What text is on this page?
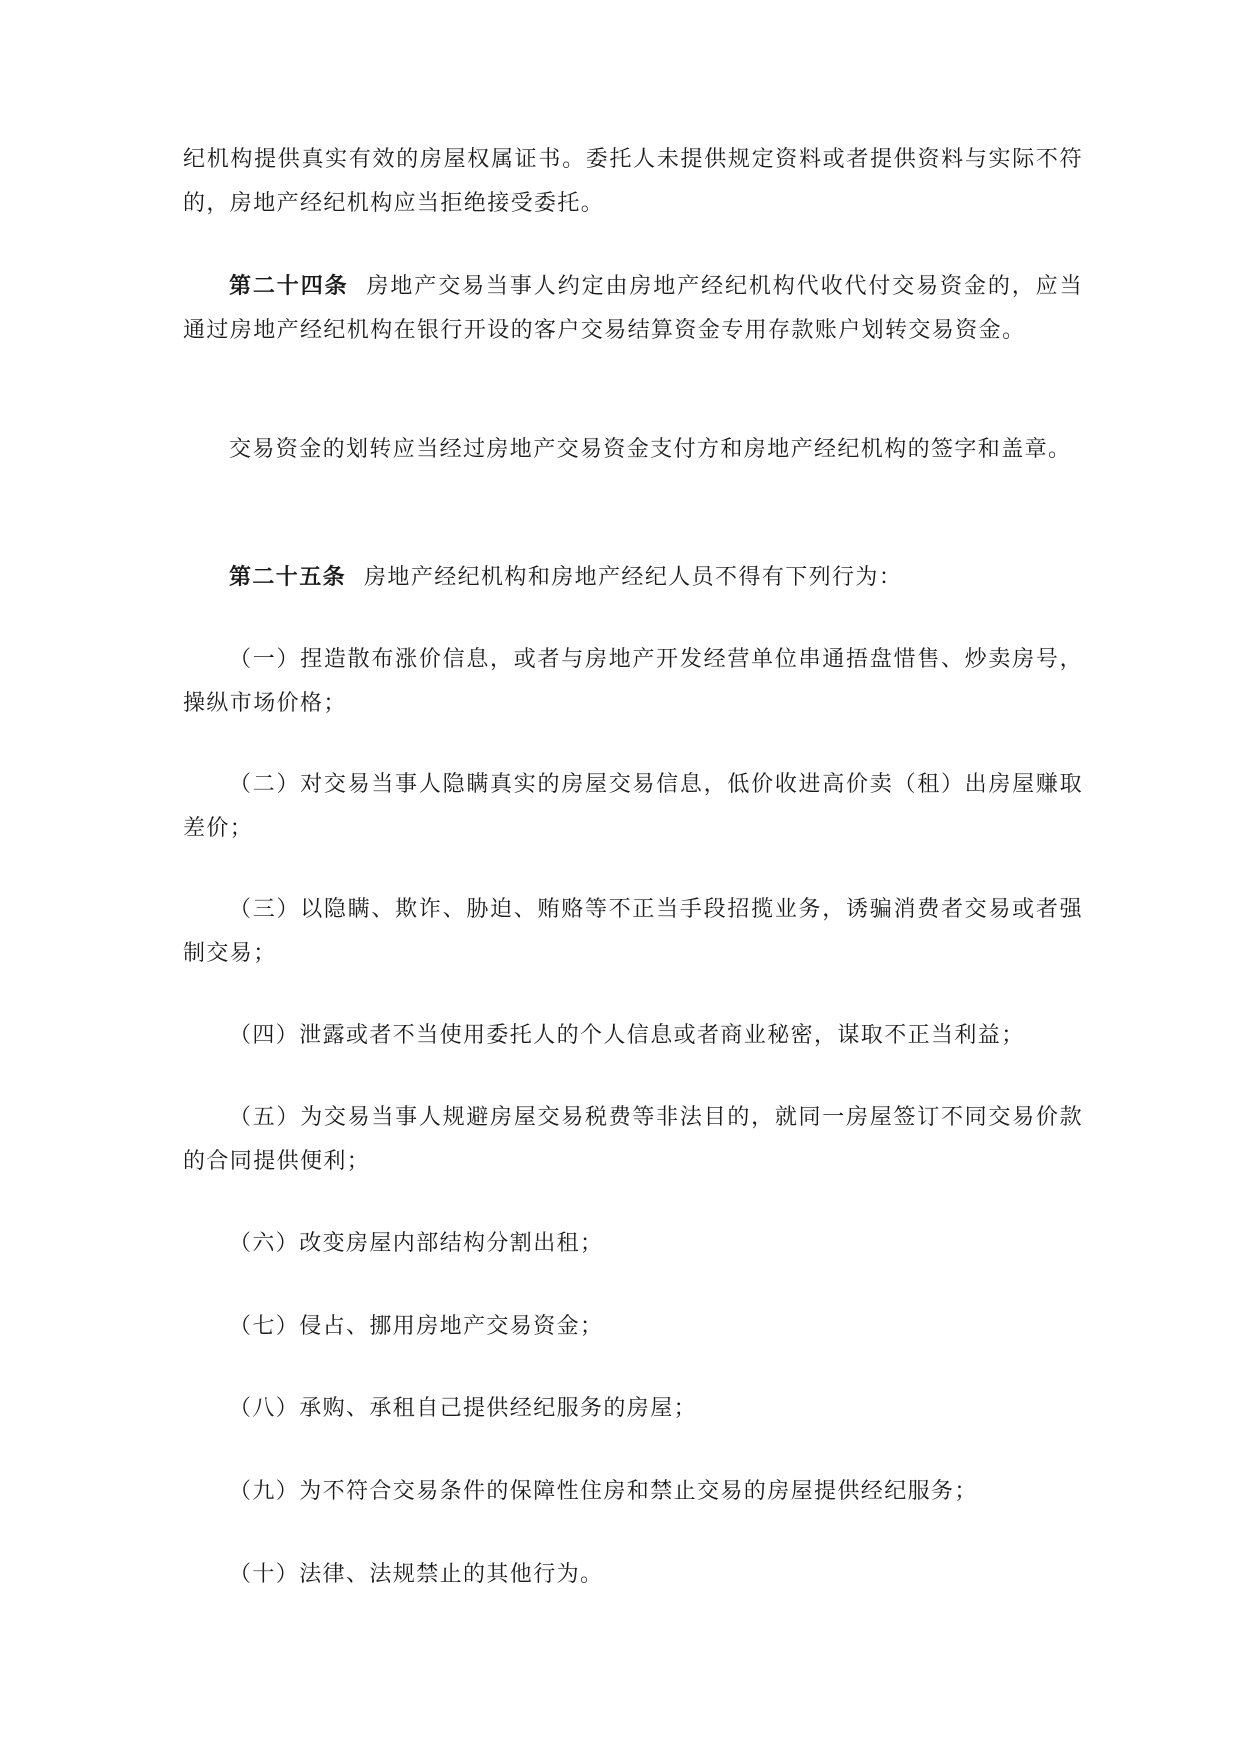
纪机构提供真实有效的房屋权属证书。委托人未提供规定资料或者提供资料与实际不符的，房地产经纪机构应当拒绝接受委托。

第二十四条 房地产交易当事人约定由房地产经纪机构代收代付交易资金的，应当通过房地产经纪机构在银行开设的客户交易结算资金专用存款账户划转交易资金。

交易资金的划转应当经过房地产交易资金支付方和房地产经纪机构的签字和盖章。

第二十五条 房地产经纪机构和房地产经纪人员不得有下列行为：

（一）捏造散布涨价信息，或者与房地产开发经营单位串通捂盘惜售、炒卖房号，操纵市场价格；

（二）对交易当事人隐瞒真实的房屋交易信息，低价收进高价卖（租）出房屋赚取差价；

（三）以隐瞒、欺诈、胁迫、贿赂等不正当手段招揽业务，诱骗消费者交易或者强制交易；

（四）泄露或者不当使用委托人的个人信息或者商业秘密，谋取不正当利益；

（五）为交易当事人规避房屋交易税费等非法目的，就同一房屋签订不同交易价款的合同提供便利；

（六）改变房屋内部结构分割出租；

（七）侵占、挪用房地产交易资金；

（八）承购、承租自己提供经纪服务的房屋；

（九）为不符合交易条件的保障性住房和禁止交易的房屋提供经纪服务；

（十）法律、法规禁止的其他行为。
